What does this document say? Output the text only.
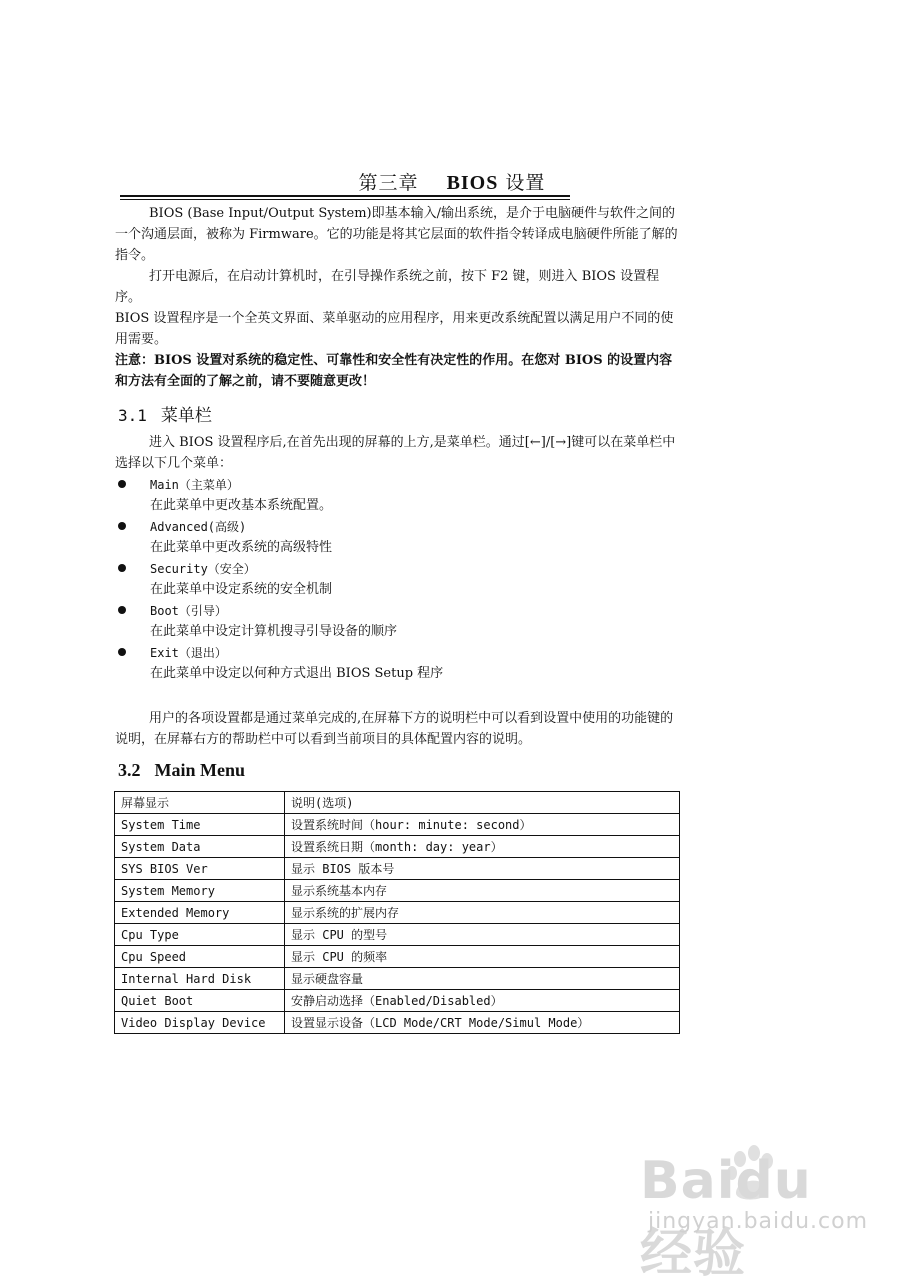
第三章 BIOS 设置

BIOS (Base Input/Output System)即基本输入/输出系统，是介于电脑硬件与软件之间的一个沟通层面，被称为 Firmware。它的功能是将其它层面的软件指令转译成电脑硬件所能了解的指令。

打开电源后，在启动计算机时，在引导操作系统之前，按下 F2 键，则进入 BIOS 设置程序。

BIOS 设置程序是一个全英文界面、菜单驱动的应用程序，用来更改系统配置以满足用户不同的使用需要。

注意：BIOS 设置对系统的稳定性、可靠性和安全性有决定性的作用。在您对 BIOS 的设置内容和方法有全面的了解之前，请不要随意更改！

3.1 菜单栏

进入 BIOS 设置程序后,在首先出现的屏幕的上方,是菜单栏。通过[←]/[→]键可以在菜单栏中选择以下几个菜单：

Main（主菜单）
在此菜单中更改基本系统配置。
Advanced(高级)
在此菜单中更改系统的高级特性
Security（安全）
在此菜单中设定系统的安全机制
Boot（引导）
在此菜单中设定计算机搜寻引导设备的顺序
Exit（退出）
在此菜单中设定以何种方式退出 BIOS Setup 程序

用户的各项设置都是通过菜单完成的,在屏幕下方的说明栏中可以看到设置中使用的功能键的说明，在屏幕右方的帮助栏中可以看到当前项目的具体配置内容的说明。

3.2 Main Menu
屏幕显示	说明(选项)
System Time	设置系统时间（hour: minute: second）
System Data	设置系统日期（month: day: year）
SYS BIOS Ver	显示 BIOS 版本号
System Memory	显示系统基本内存
Extended Memory	显示系统的扩展内存
Cpu Type	显示 CPU 的型号
Cpu Speed	显示 CPU 的频率
Internal Hard Disk	显示硬盘容量
Quiet Boot	安静启动选择（Enabled/Disabled）
Video Display Device	设置显示设备（LCD Mode/CRT Mode/Simul Mode）
Baidu经验
jingyan.baidu.com
